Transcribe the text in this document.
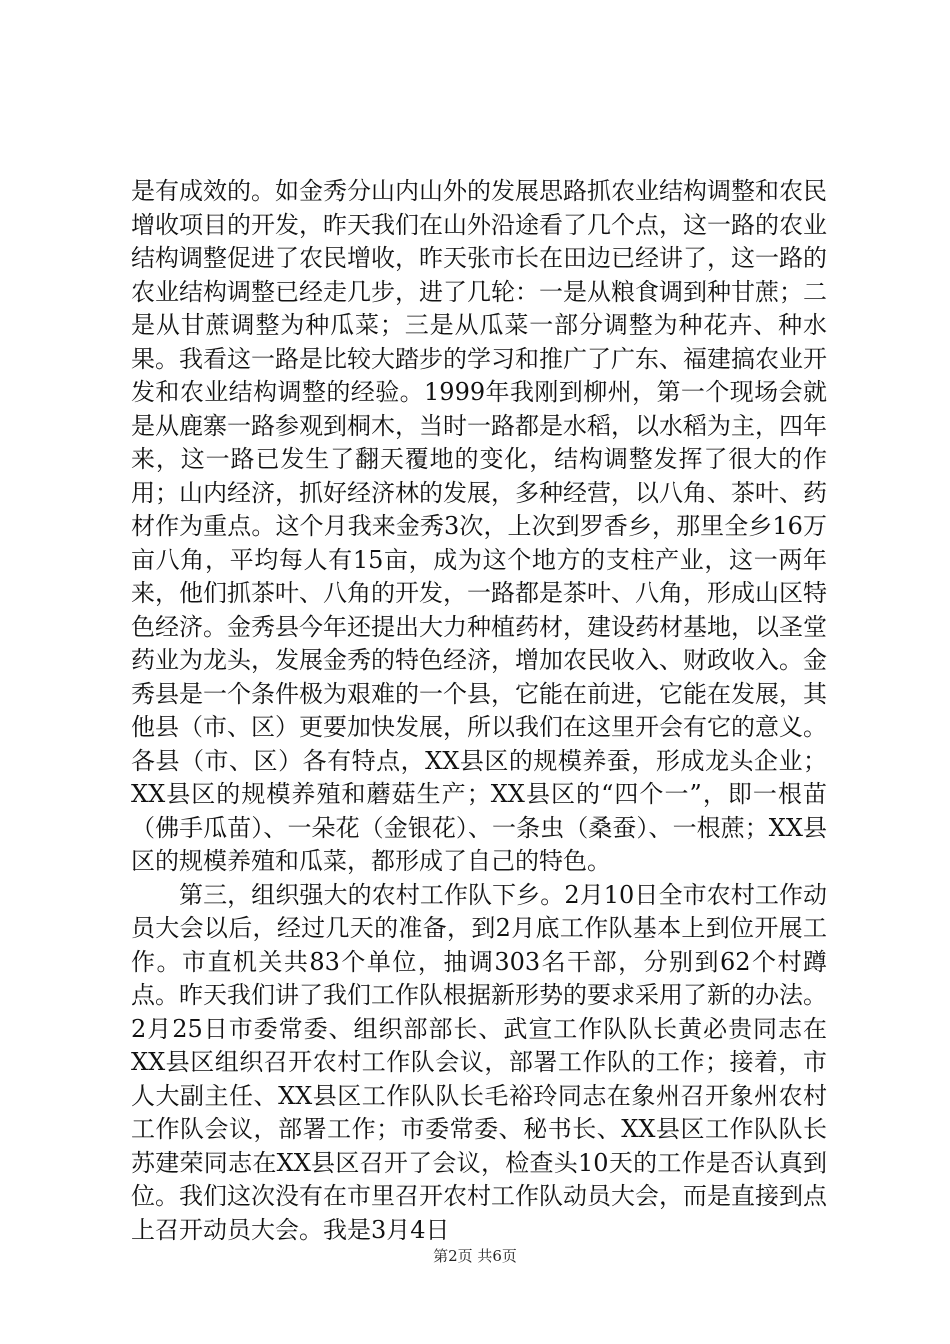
是有成效的。如金秀分山内山外的发展思路抓农业结构调整和农民增收项目的开发，昨天我们在山外沿途看了几个点，这一路的农业结构调整促进了农民增收，昨天张市长在田边已经讲了，这一路的农业结构调整已经走几步，进了几轮：一是从粮食调到种甘蔗；二是从甘蔗调整为种瓜菜；三是从瓜菜一部分调整为种花卉、种水果。我看这一路是比较大踏步的学习和推广了广东、福建搞农业开发和农业结构调整的经验。1999年我刚到柳州，第一个现场会就是从鹿寨一路参观到桐木，当时一路都是水稻，以水稻为主，四年来，这一路已发生了翻天覆地的变化，结构调整发挥了很大的作用；山内经济，抓好经济林的发展，多种经营，以八角、茶叶、药材作为重点。这个月我来金秀3次，上次到罗香乡，那里全乡16万亩八角，平均每人有15亩，成为这个地方的支柱产业，这一两年来，他们抓茶叶、八角的开发，一路都是茶叶、八角，形成山区特色经济。金秀县今年还提出大力种植药材，建设药材基地，以圣堂药业为龙头，发展金秀的特色经济，增加农民收入、财政收入。金秀县是一个条件极为艰难的一个县，它能在前进，它能在发展，其他县（市、区）更要加快发展，所以我们在这里开会有它的意义。各县（市、区）各有特点，XX县区的规模养蚕，形成龙头企业；XX县区的规模养殖和蘑菇生产；XX县区的“四个一”，即一根苗（佛手瓜苗）、一朵花（金银花）、一条虫（桑蚕）、一根蔗；XX县区的规模养殖和瓜菜，都形成了自己的特色。

第三，组织强大的农村工作队下乡。2月10日全市农村工作动员大会以后，经过几天的准备，到2月底工作队基本上到位开展工作。市直机关共83个单位，抽调303名干部，分别到62个村蹲点。昨天我们讲了我们工作队根据新形势的要求采用了新的办法。2月25日市委常委、组织部部长、武宣工作队队长黄必贵同志在XX县区组织召开农村工作队会议，部署工作队的工作；接着，市人大副主任、XX县区工作队队长毛裕玲同志在象州召开象州农村工作队会议，部署工作；市委常委、秘书长、XX县区工作队队长苏建荣同志在XX县区召开了会议，检查头10天的工作是否认真到位。我们这次没有在市里召开农村工作队动员大会，而是直接到点上召开动员大会。我是3月4日

第2页 共6页
